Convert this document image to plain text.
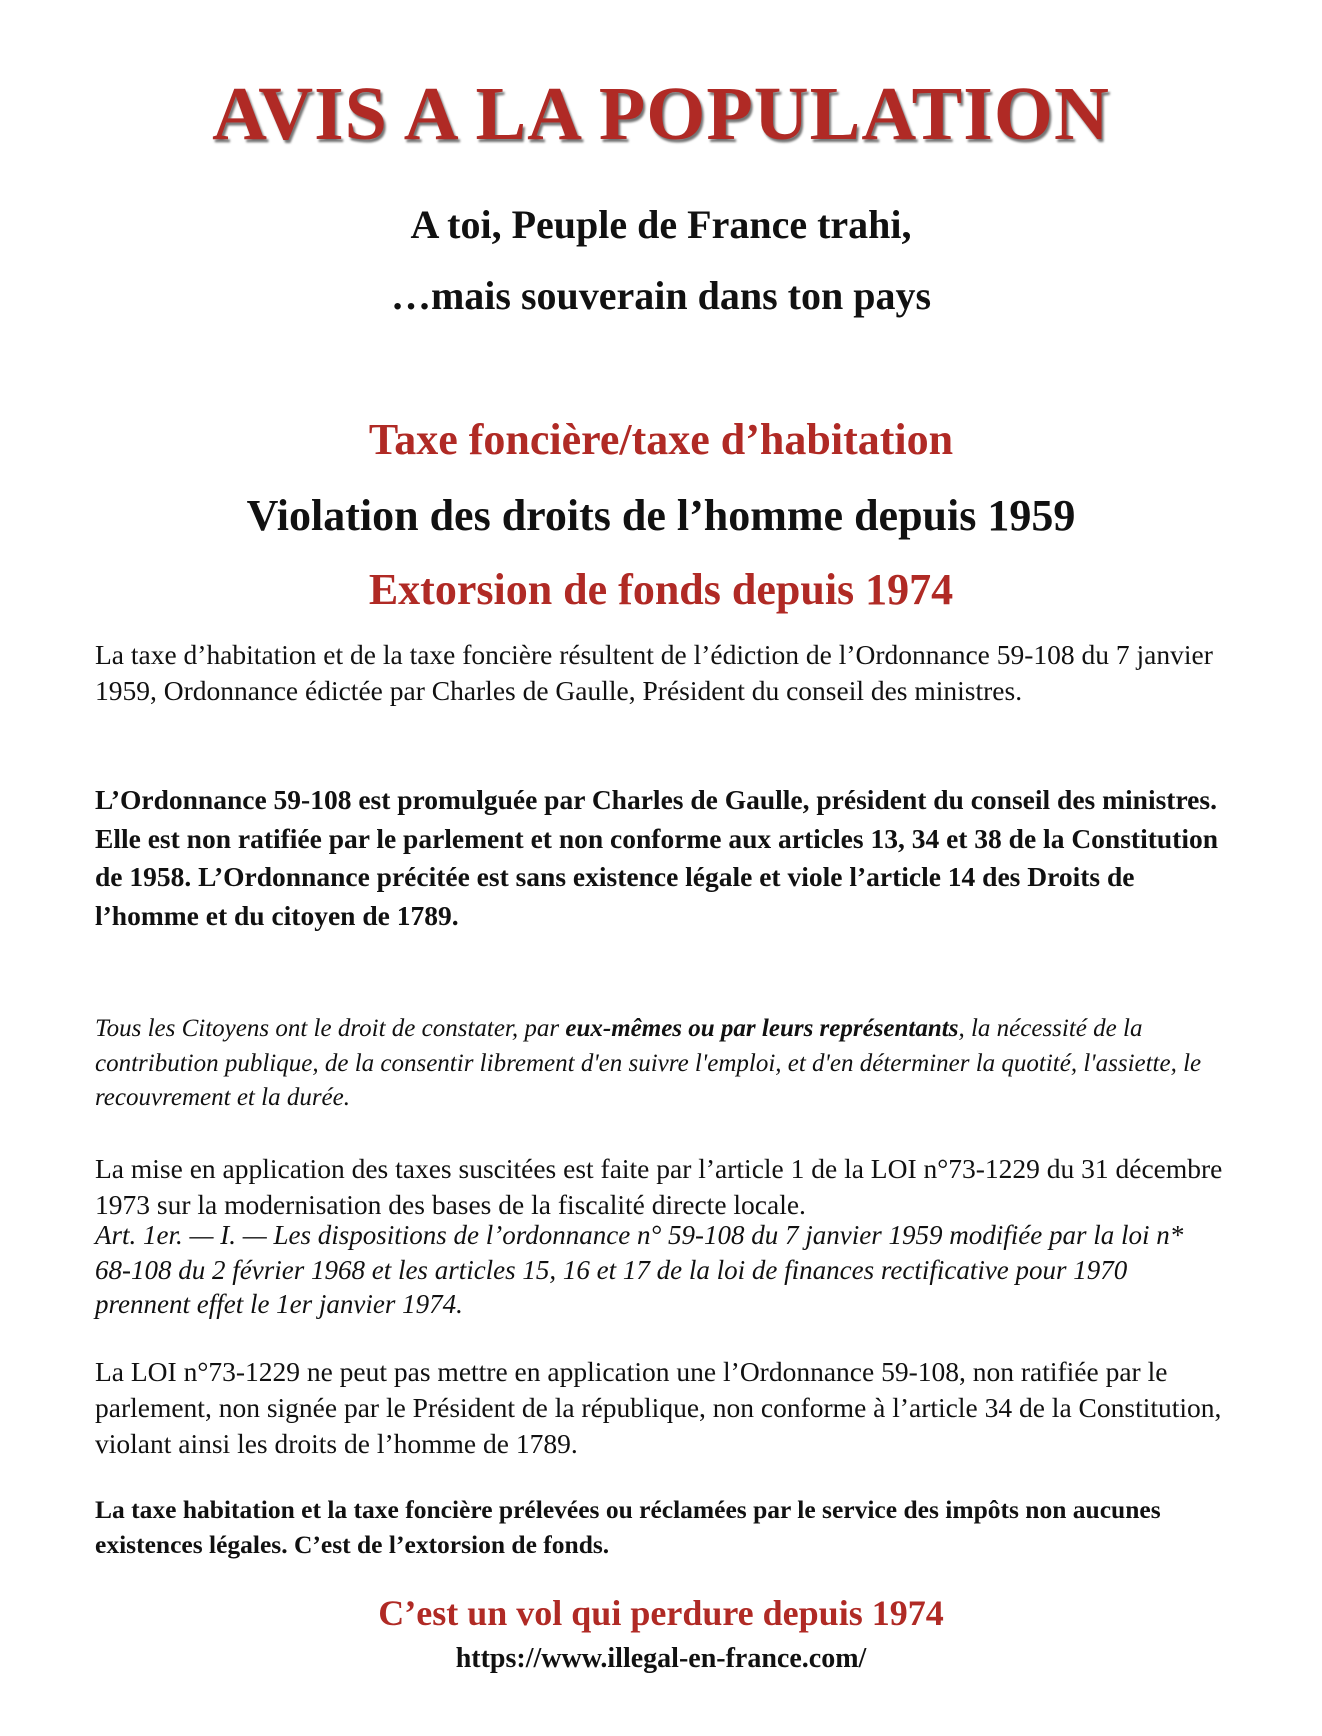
AVIS A LA POPULATION
A toi, Peuple de France trahi,
…mais souverain dans ton pays
Taxe foncière/taxe d’habitation
Violation des droits de l’homme depuis 1959
Extorsion de fonds depuis 1974
La taxe d’habitation et de la taxe foncière résultent de l’édiction de l’Ordonnance 59-108 du 7 janvier 1959, Ordonnance édictée par Charles de Gaulle, Président du conseil des ministres.
L’Ordonnance 59-108 est promulguée par Charles de Gaulle, président du conseil des ministres. Elle est non ratifiée par le parlement et non conforme aux articles 13, 34 et 38 de la Constitution de 1958. L’Ordonnance précitée est sans existence légale et viole l’article 14 des Droits de l’homme et du citoyen de 1789.
Tous les Citoyens ont le droit de constater, par eux-mêmes ou par leurs représentants, la nécessité de la contribution publique, de la consentir librement d'en suivre l'emploi, et d'en déterminer la quotité, l'assiette, le recouvrement et la durée.
La mise en application des taxes suscitées est faite par l’article 1 de la LOI n°73-1229 du 31 décembre 1973 sur la modernisation des bases de la fiscalité directe locale.
Art. 1er. — I. — Les dispositions de l’ordonnance n° 59-108 du 7 janvier 1959 modifiée par la loi n* 68-108 du 2 février 1968 et les articles 15, 16 et 17 de la loi de finances rectificative pour 1970 prennent effet le 1er janvier 1974.
La LOI n°73-1229 ne peut pas mettre en application une l’Ordonnance 59-108, non ratifiée par le parlement, non signée par le Président de la république, non conforme à l’article 34 de la Constitution, violant ainsi les droits de l’homme de 1789.
La taxe habitation et la taxe foncière prélevées ou réclamées par le service des impôts non aucunes existences légales. C’est de l’extorsion de fonds.
C’est un vol qui perdure depuis 1974
https://www.illegal-en-france.com/
